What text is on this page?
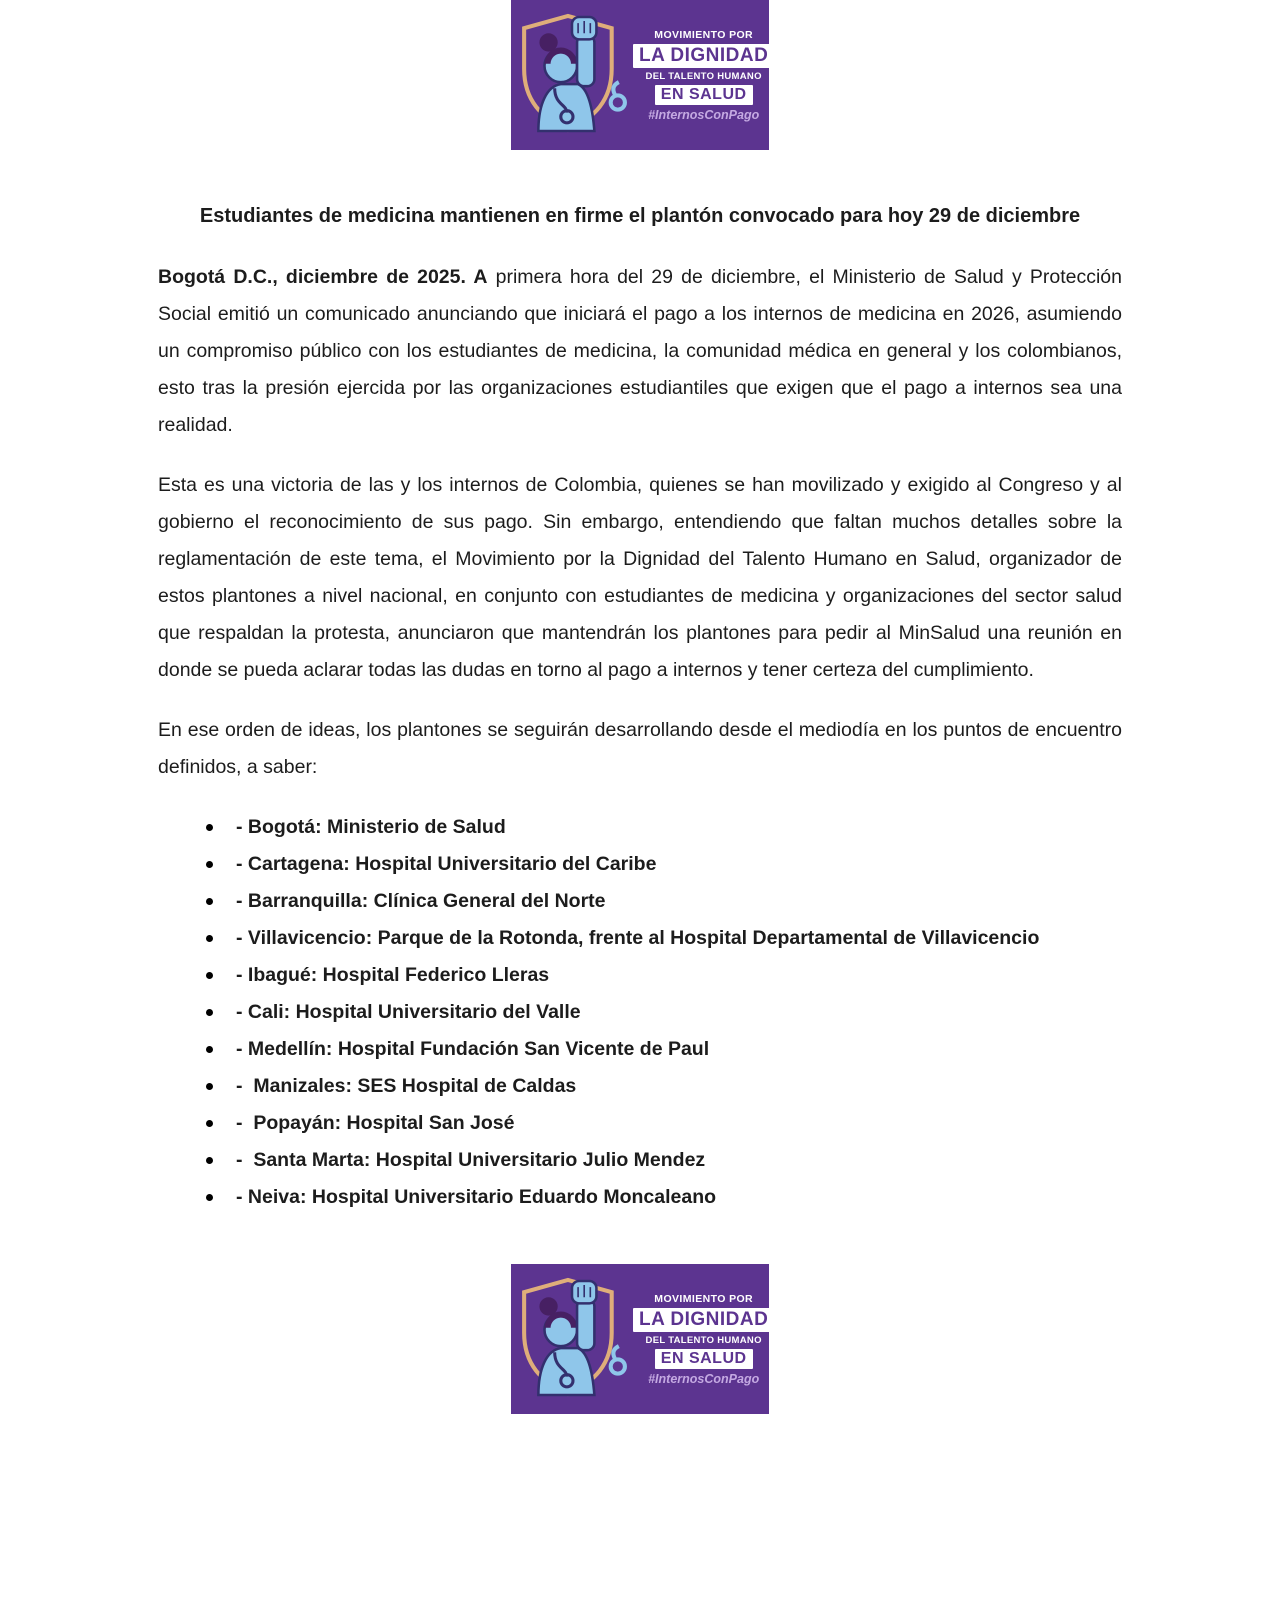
MOVIMIENTO POR
LA DIGNIDAD
DEL TALENTO HUMANO
EN SALUD
#InternosConPago
Estudiantes de medicina mantienen en firme el plantón convocado para hoy 29 de diciembre

Bogotá D.C., diciembre de 2025. A primera hora del 29 de diciembre, el Ministerio de Salud y Protección Social emitió un comunicado anunciando que iniciará el pago a los internos de medicina en 2026, asumiendo un compromiso público con los estudiantes de medicina, la comunidad médica en general y los colombianos, esto tras la presión ejercida por las organizaciones estudiantiles que exigen que el pago a internos sea una realidad.

Esta es una victoria de las y los internos de Colombia, quienes se han movilizado y exigido al Congreso y al gobierno el reconocimiento de sus pago. Sin embargo, entendiendo que faltan muchos detalles sobre la reglamentación de este tema, el Movimiento por la Dignidad del Talento Humano en Salud, organizador de estos plantones a nivel nacional, en conjunto con estudiantes de medicina y organizaciones del sector salud que respaldan la protesta, anunciaron que mantendrán los plantones para pedir al MinSalud una reunión en donde se pueda aclarar todas las dudas en torno al pago a internos y tener certeza del cumplimiento.

En ese orden de ideas, los plantones se seguirán desarrollando desde el mediodía en los puntos de encuentro definidos, a saber:

- Bogotá: Ministerio de Salud
- Cartagena: Hospital Universitario del Caribe
- Barranquilla: Clínica General del Norte
- Villavicencio: Parque de la Rotonda, frente al Hospital Departamental de Villavicencio
- Ibagué: Hospital Federico Lleras
- Cali: Hospital Universitario del Valle
- Medellín: Hospital Fundación San Vicente de Paul
-  Manizales: SES Hospital de Caldas
-  Popayán: Hospital San José
-  Santa Marta: Hospital Universitario Julio Mendez
- Neiva: Hospital Universitario Eduardo Moncaleano
MOVIMIENTO POR
LA DIGNIDAD
DEL TALENTO HUMANO
EN SALUD
#InternosConPago
